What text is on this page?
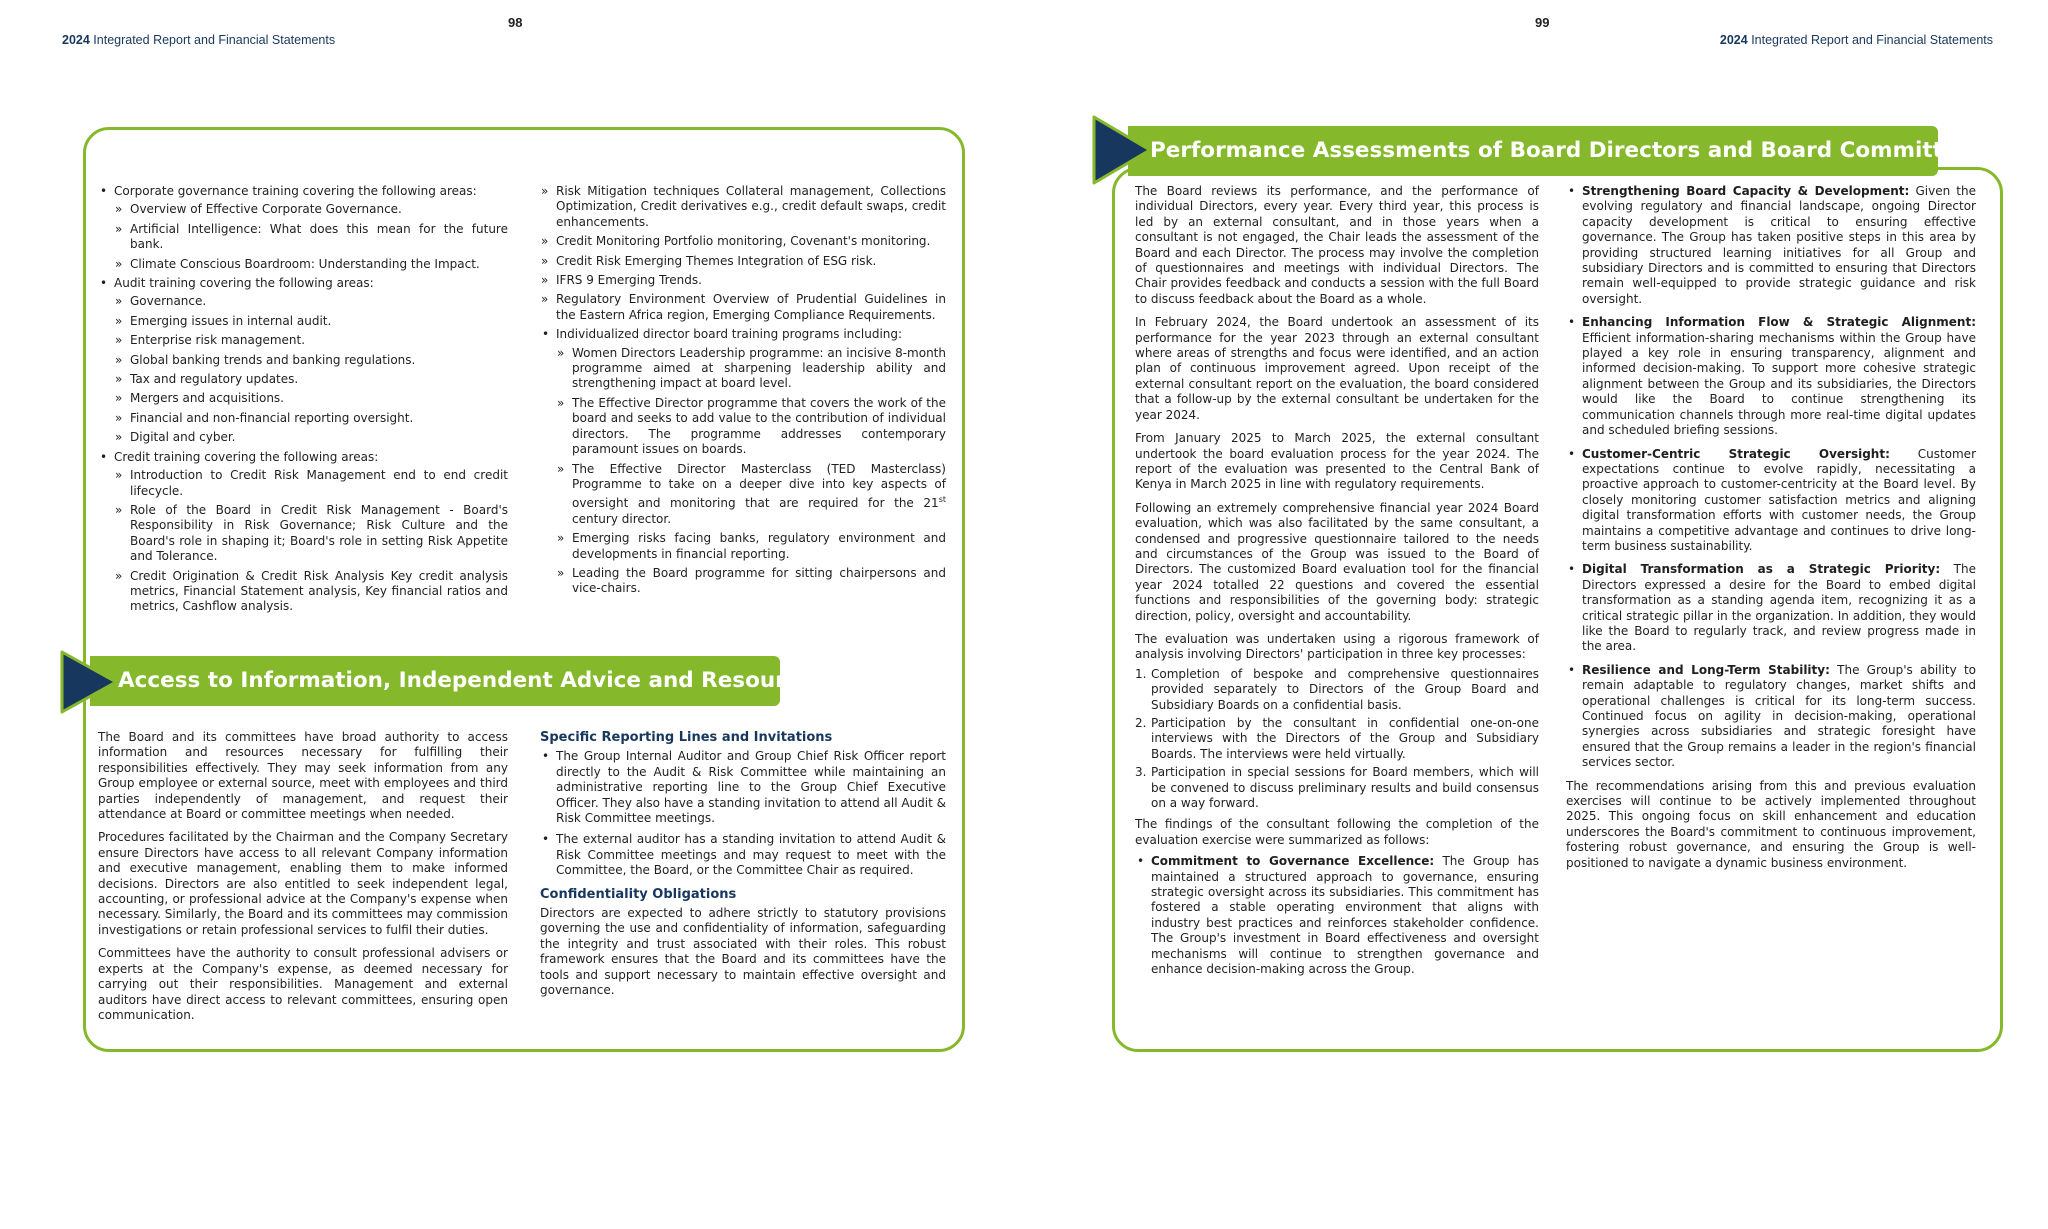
2024 Integrated Report and Financial Statements
98	99
2024 Integrated Report and Financial Statements
• Corporate governance training covering the following areas:
» Overview of Effective Corporate Governance.
» Artificial Intelligence: What does this mean for the future bank.
» Climate Conscious Boardroom: Understanding the Impact.
• Audit training covering the following areas:
» Governance.
» Emerging issues in internal audit.
» Enterprise risk management.
» Global banking trends and banking regulations.
» Tax and regulatory updates.
» Mergers and acquisitions.
» Financial and non-financial reporting oversight.
» Digital and cyber.
• Credit training covering the following areas:
» Introduction to Credit Risk Management end to end credit lifecycle.
» Role of the Board in Credit Risk Management - Board's Responsibility in Risk Governance; Risk Culture and the Board's role in shaping it; Board's role in setting Risk Appetite and Tolerance.
» Credit Origination & Credit Risk Analysis Key credit analysis metrics, Financial Statement analysis, Key financial ratios and metrics, Cashflow analysis.
» Risk Mitigation techniques Collateral management, Collections Optimization, Credit derivatives e.g., credit default swaps, credit enhancements.
» Credit Monitoring Portfolio monitoring, Covenant's monitoring.
» Credit Risk Emerging Themes Integration of ESG risk.
» IFRS 9 Emerging Trends.
» Regulatory Environment Overview of Prudential Guidelines in the Eastern Africa region, Emerging Compliance Requirements.
• Individualized director board training programs including:
» Women Directors Leadership programme: an incisive 8-month programme aimed at sharpening leadership ability and strengthening impact at board level.
» The Effective Director programme that covers the work of the board and seeks to add value to the contribution of individual directors. The programme addresses contemporary paramount issues on boards.
» The Effective Director Masterclass (TED Masterclass) Programme to take on a deeper dive into key aspects of oversight and monitoring that are required for the 21st century director.
» Emerging risks facing banks, regulatory environment and developments in financial reporting.
» Leading the Board programme for sitting chairpersons and vice-chairs.
Access to Information, Independent Advice and Resources

The Board and its committees have broad authority to access information and resources necessary for fulfilling their responsibilities effectively. They may seek information from any Group employee or external source, meet with employees and third parties independently of management, and request their attendance at Board or committee meetings when needed.

Procedures facilitated by the Chairman and the Company Secretary ensure Directors have access to all relevant Company information and executive management, enabling them to make informed decisions. Directors are also entitled to seek independent legal, accounting, or professional advice at the Company's expense when necessary. Similarly, the Board and its committees may commission investigations or retain professional services to fulfil their duties.

Committees have the authority to consult professional advisers or experts at the Company's expense, as deemed necessary for carrying out their responsibilities. Management and external auditors have direct access to relevant committees, ensuring open communication.

Specific Reporting Lines and Invitations
• The Group Internal Auditor and Group Chief Risk Officer report directly to the Audit & Risk Committee while maintaining an administrative reporting line to the Group Chief Executive Officer. They also have a standing invitation to attend all Audit & Risk Committee meetings.
• The external auditor has a standing invitation to attend Audit & Risk Committee meetings and may request to meet with the Committee, the Board, or the Committee Chair as required.
Confidentiality Obligations

Directors are expected to adhere strictly to statutory provisions governing the use and confidentiality of information, safeguarding the integrity and trust associated with their roles. This robust framework ensures that the Board and its committees have the tools and support necessary to maintain effective oversight and governance.

Performance Assessments of Board Directors and Board Committees

The Board reviews its performance, and the performance of individual Directors, every year. Every third year, this process is led by an external consultant, and in those years when a consultant is not engaged, the Chair leads the assessment of the Board and each Director. The process may involve the completion of questionnaires and meetings with individual Directors. The Chair provides feedback and conducts a session with the full Board to discuss feedback about the Board as a whole.

In February 2024, the Board undertook an assessment of its performance for the year 2023 through an external consultant where areas of strengths and focus were identified, and an action plan of continuous improvement agreed. Upon receipt of the external consultant report on the evaluation, the board considered that a follow-up by the external consultant be undertaken for the year 2024.

From January 2025 to March 2025, the external consultant undertook the board evaluation process for the year 2024. The report of the evaluation was presented to the Central Bank of Kenya in March 2025 in line with regulatory requirements.

Following an extremely comprehensive financial year 2024 Board evaluation, which was also facilitated by the same consultant, a condensed and progressive questionnaire tailored to the needs and circumstances of the Group was issued to the Board of Directors. The customized Board evaluation tool for the financial year 2024 totalled 22 questions and covered the essential functions and responsibilities of the governing body: strategic direction, policy, oversight and accountability.

The evaluation was undertaken using a rigorous framework of analysis involving Directors' participation in three key processes:

1. Completion of bespoke and comprehensive questionnaires provided separately to Directors of the Group Board and Subsidiary Boards on a confidential basis.
2. Participation by the consultant in confidential one-on-one interviews with the Directors of the Group and Subsidiary Boards. The interviews were held virtually.
3. Participation in special sessions for Board members, which will be convened to discuss preliminary results and build consensus on a way forward.

The findings of the consultant following the completion of the evaluation exercise were summarized as follows:

• Commitment to Governance Excellence: The Group has maintained a structured approach to governance, ensuring strategic oversight across its subsidiaries. This commitment has fostered a stable operating environment that aligns with industry best practices and reinforces stakeholder confidence. The Group's investment in Board effectiveness and oversight mechanisms will continue to strengthen governance and enhance decision-making across the Group.
• Strengthening Board Capacity & Development: Given the evolving regulatory and financial landscape, ongoing Director capacity development is critical to ensuring effective governance. The Group has taken positive steps in this area by providing structured learning initiatives for all Group and subsidiary Directors and is committed to ensuring that Directors remain well-equipped to provide strategic guidance and risk oversight.
• Enhancing Information Flow & Strategic Alignment: Efficient information-sharing mechanisms within the Group have played a key role in ensuring transparency, alignment and informed decision-making. To support more cohesive strategic alignment between the Group and its subsidiaries, the Directors would like the Board to continue strengthening its communication channels through more real-time digital updates and scheduled briefing sessions.
• Customer-Centric Strategic Oversight: Customer expectations continue to evolve rapidly, necessitating a proactive approach to customer-centricity at the Board level. By closely monitoring customer satisfaction metrics and aligning digital transformation efforts with customer needs, the Group maintains a competitive advantage and continues to drive long-term business sustainability.
• Digital Transformation as a Strategic Priority: The Directors expressed a desire for the Board to embed digital transformation as a standing agenda item, recognizing it as a critical strategic pillar in the organization. In addition, they would like the Board to regularly track, and review progress made in the area.
• Resilience and Long-Term Stability: The Group's ability to remain adaptable to regulatory changes, market shifts and operational challenges is critical for its long-term success. Continued focus on agility in decision-making, operational synergies across subsidiaries and strategic foresight have ensured that the Group remains a leader in the region's financial services sector.

The recommendations arising from this and previous evaluation exercises will continue to be actively implemented throughout 2025. This ongoing focus on skill enhancement and education underscores the Board's commitment to continuous improvement, fostering robust governance, and ensuring the Group is well-positioned to navigate a dynamic business environment.
